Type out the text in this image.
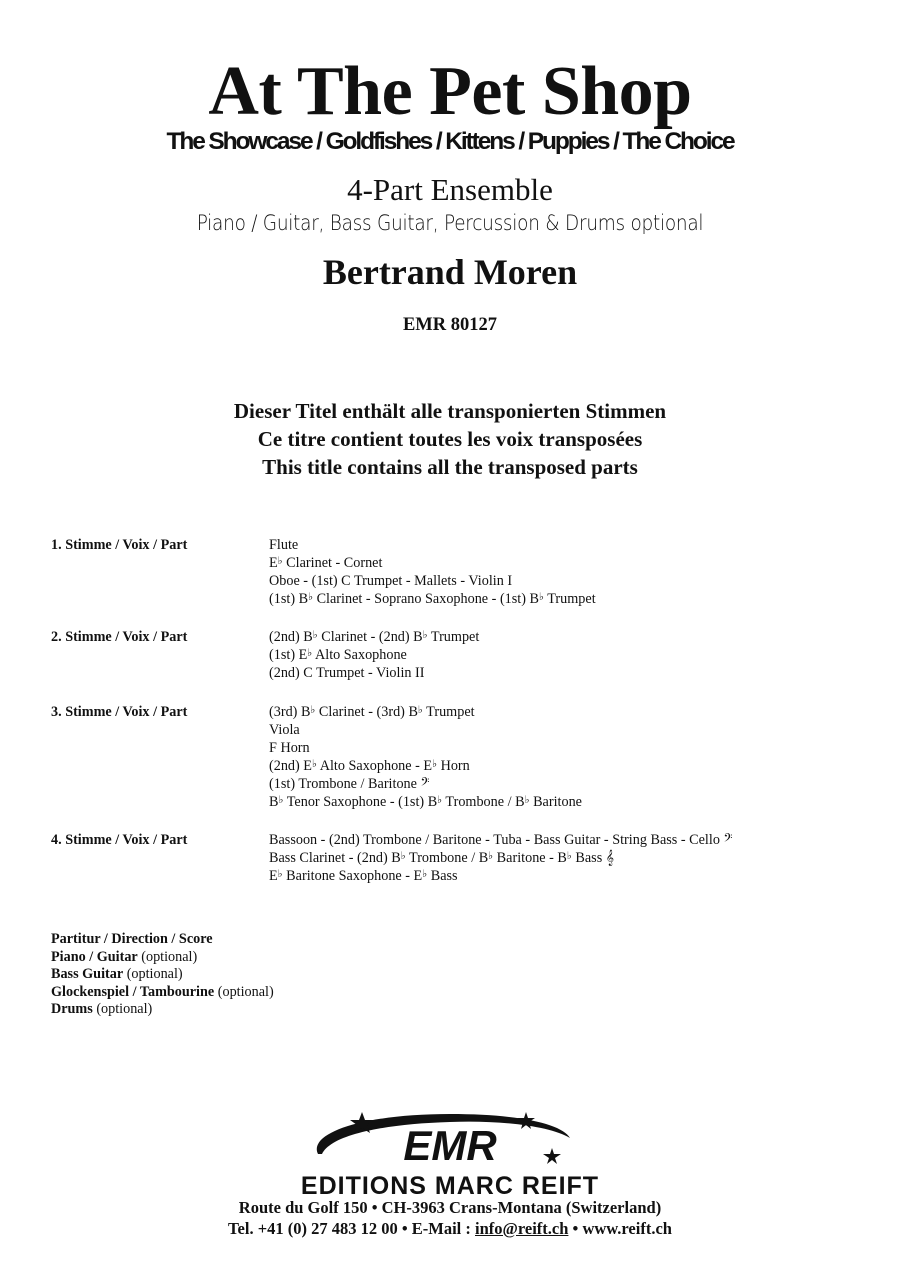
At The Pet Shop
The Showcase / Goldfishes / Kittens / Puppies / The Choice
4-Part Ensemble
Piano / Guitar, Bass Guitar, Percussion & Drums optional
Bertrand Moren
EMR 80127
Dieser Titel enthält alle transponierten Stimmen
Ce titre contient toutes les voix transposées
This title contains all the transposed parts
1. Stimme / Voix / Part	Flute
E♭ Clarinet - Cornet
Oboe - (1st) C Trumpet - Mallets - Violin I
(1st) B♭ Clarinet - Soprano Saxophone - (1st) B♭ Trumpet
2. Stimme / Voix / Part	(2nd) B♭ Clarinet - (2nd) B♭ Trumpet
(1st) E♭ Alto Saxophone
(2nd) C Trumpet - Violin II
3. Stimme / Voix / Part	(3rd) B♭ Clarinet - (3rd) B♭ Trumpet
Viola
F Horn
(2nd) E♭ Alto Saxophone - E♭ Horn
(1st) Trombone / Baritone 𝄢
B♭ Tenor Saxophone - (1st) B♭ Trombone / B♭ Baritone
4. Stimme / Voix / Part	Bassoon - (2nd) Trombone / Baritone - Tuba - Bass Guitar - String Bass - Cello 𝄢
Bass Clarinet - (2nd) B♭ Trombone / B♭ Baritone - B♭ Bass 𝄞
E♭ Baritone Saxophone - E♭ Bass
Partitur / Direction / Score
Piano / Guitar (optional)
Bass Guitar (optional)
Glockenspiel / Tambourine (optional)
Drums (optional)
EMR
EDITIONS MARC REIFT
Route du Golf 150 • CH-3963 Crans-Montana (Switzerland)
Tel. +41 (0) 27 483 12 00 • E-Mail : info@reift.ch • www.reift.ch
